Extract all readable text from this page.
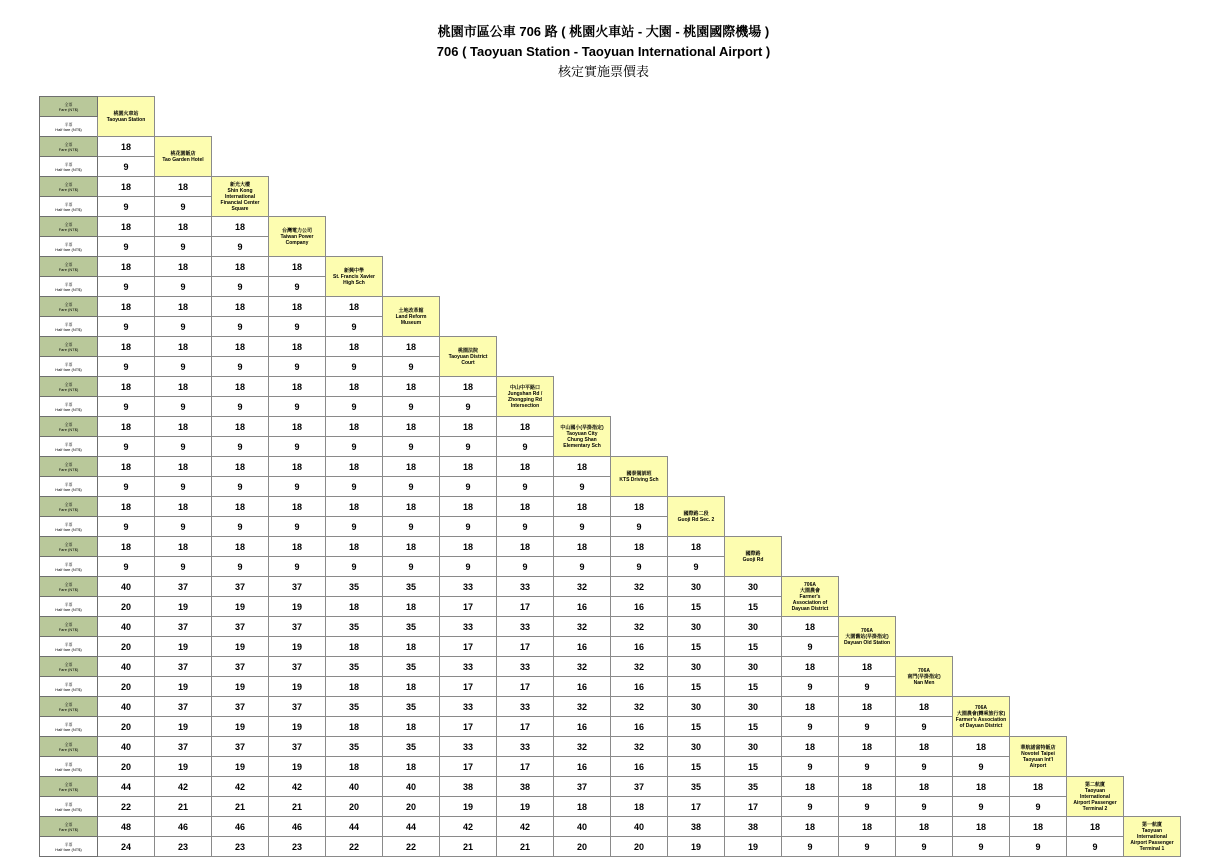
桃園市區公車 706 路 ( 桃園火車站 - 大園 - 桃園國際機場 )
706 ( Taoyuan Station - Taoyuan International Airport )
核定實施票價表
全票
Fare (NT$)	桃園火車站
Taoyuan Station																		

半票
Half fare (NT$)																			

全票
Fare (NT$)	18	桃花園飯店
Tao Garden Hotel																	

半票
Half fare (NT$)	9																		

全票
Fare (NT$)	18	18	新光大樓
Shin Kong
International
Financial Center
Square																

半票
Half fare (NT$)	9	9																	

全票
Fare (NT$)	18	18	18	台灣電力公司
Taiwan Power
Company															

半票
Half fare (NT$)	9	9	9																

全票
Fare (NT$)	18	18	18	18	新興中學
St. Francis Xavier
High Sch														

半票
Half fare (NT$)	9	9	9	9															

全票
Fare (NT$)	18	18	18	18	18	土地改革館
Land Reform
Museum													

半票
Half fare (NT$)	9	9	9	9	9														

全票
Fare (NT$)	18	18	18	18	18	18	桃園法院
Taoyuan District
Court												

半票
Half fare (NT$)	9	9	9	9	9	9													

全票
Fare (NT$)	18	18	18	18	18	18	18	中山中平路口
Jungshan Rd /
Zhongping Rd
Intersection											

半票
Half fare (NT$)	9	9	9	9	9	9	9												

全票
Fare (NT$)	18	18	18	18	18	18	18	18	中山國小(早掛指定)
Taoyuan City
Chung Shan
Elementary Sch										

半票
Half fare (NT$)	9	9	9	9	9	9	9	9											

全票
Fare (NT$)	18	18	18	18	18	18	18	18	18	國泰駕訓班
KTS Driving Sch									

半票
Half fare (NT$)	9	9	9	9	9	9	9	9	9										

全票
Fare (NT$)	18	18	18	18	18	18	18	18	18	18	國際路二段
Guoji Rd Sec. 2								

半票
Half fare (NT$)	9	9	9	9	9	9	9	9	9	9									

全票
Fare (NT$)	18	18	18	18	18	18	18	18	18	18	18	國際路
Guoji Rd							

半票
Half fare (NT$)	9	9	9	9	9	9	9	9	9	9	9								

全票
Fare (NT$)	40	37	37	37	35	35	33	33	32	32	30	30	706A
大園農會
Farmer's
Association of
Dayuan District						

半票
Half fare (NT$)	20	19	19	19	18	18	17	17	16	16	15	15							

全票
Fare (NT$)	40	37	37	37	35	35	33	33	32	32	30	30	18	706A
大園舊站(早掛指定)
Dayuan Old Station					

半票
Half fare (NT$)	20	19	19	19	18	18	17	17	16	16	15	15	9						

全票
Fare (NT$)	40	37	37	37	35	35	33	33	32	32	30	30	18	18	706A
南門(早掛指定)
Nan Men				

半票
Half fare (NT$)	20	19	19	19	18	18	17	17	16	16	15	15	9	9					

全票
Fare (NT$)	40	37	37	37	35	35	33	33	32	32	30	30	18	18	18	706A
大園農會(轉乘旅行家)
Farmer's Association
of Dayuan District			

半票
Half fare (NT$)	20	19	19	19	18	18	17	17	16	16	15	15	9	9	9				

全票
Fare (NT$)	40	37	37	37	35	35	33	33	32	32	30	30	18	18	18	18	華航諾富特飯店
Novotel Taipei
Taoyuan Int'l
Airport		

半票
Half fare (NT$)	20	19	19	19	18	18	17	17	16	16	15	15	9	9	9	9			

全票
Fare (NT$)	44	42	42	42	40	40	38	38	37	37	35	35	18	18	18	18	18	第二航廈
Taoyuan
International
Airport Passenger
Terminal 2	

半票
Half fare (NT$)	22	21	21	21	20	20	19	19	18	18	17	17	9	9	9	9	9		

全票
Fare (NT$)	48	46	46	46	44	44	42	42	40	40	38	38	18	18	18	18	18	18	第一航廈
Taoyuan
International
Airport Passenger
Terminal 1

半票
Half fare (NT$)	24	23	23	23	22	22	21	21	20	20	19	19	9	9	9	9	9	9	
